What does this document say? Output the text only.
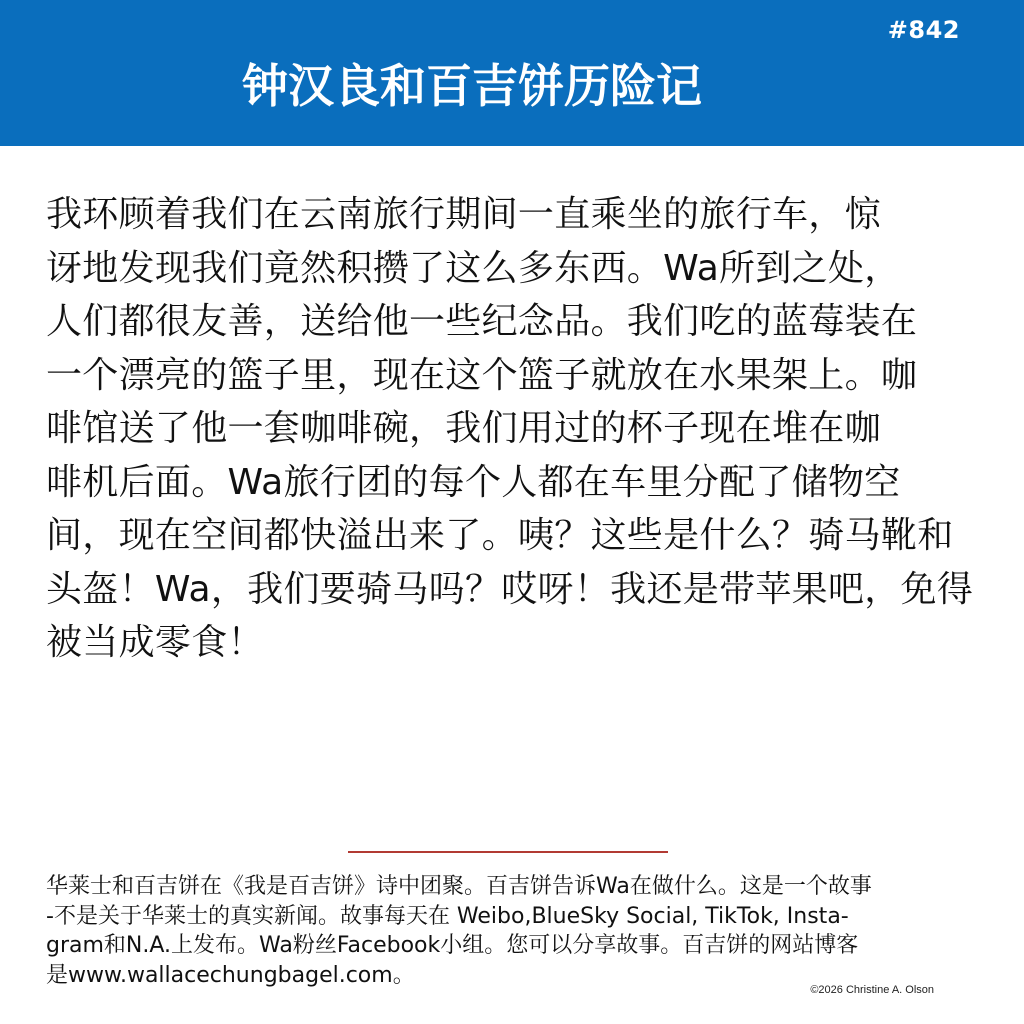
#842
钟汉良和百吉饼历险记
我环顾着我们在云南旅行期间一直乘坐的旅行车，惊
讶地发现我们竟然积攒了这么多东西。Wa所到之处，
人们都很友善，送给他一些纪念品。我们吃的蓝莓装在
一个漂亮的篮子里，现在这个篮子就放在水果架上。咖
啡馆送了他一套咖啡碗，我们用过的杯子现在堆在咖
啡机后面。Wa旅行团的每个人都在车里分配了储物空
间，现在空间都快溢出来了。咦？这些是什么？骑马靴和
头盔！Wa，我们要骑马吗？哎呀！我还是带苹果吧，免得
被当成零食！
华莱士和百吉饼在《我是百吉饼》诗中团聚。百吉饼告诉Wa在做什么。这是一个故事
-不是关于华莱士的真实新闻。故事每天在 Weibo,BlueSky Social, TikTok, Insta-
gram和N.A.上发布。Wa粉丝Facebook小组。您可以分享故事。百吉饼的网站博客
是www.wallacechungbagel.com。
©2026 Christine A. Olson
